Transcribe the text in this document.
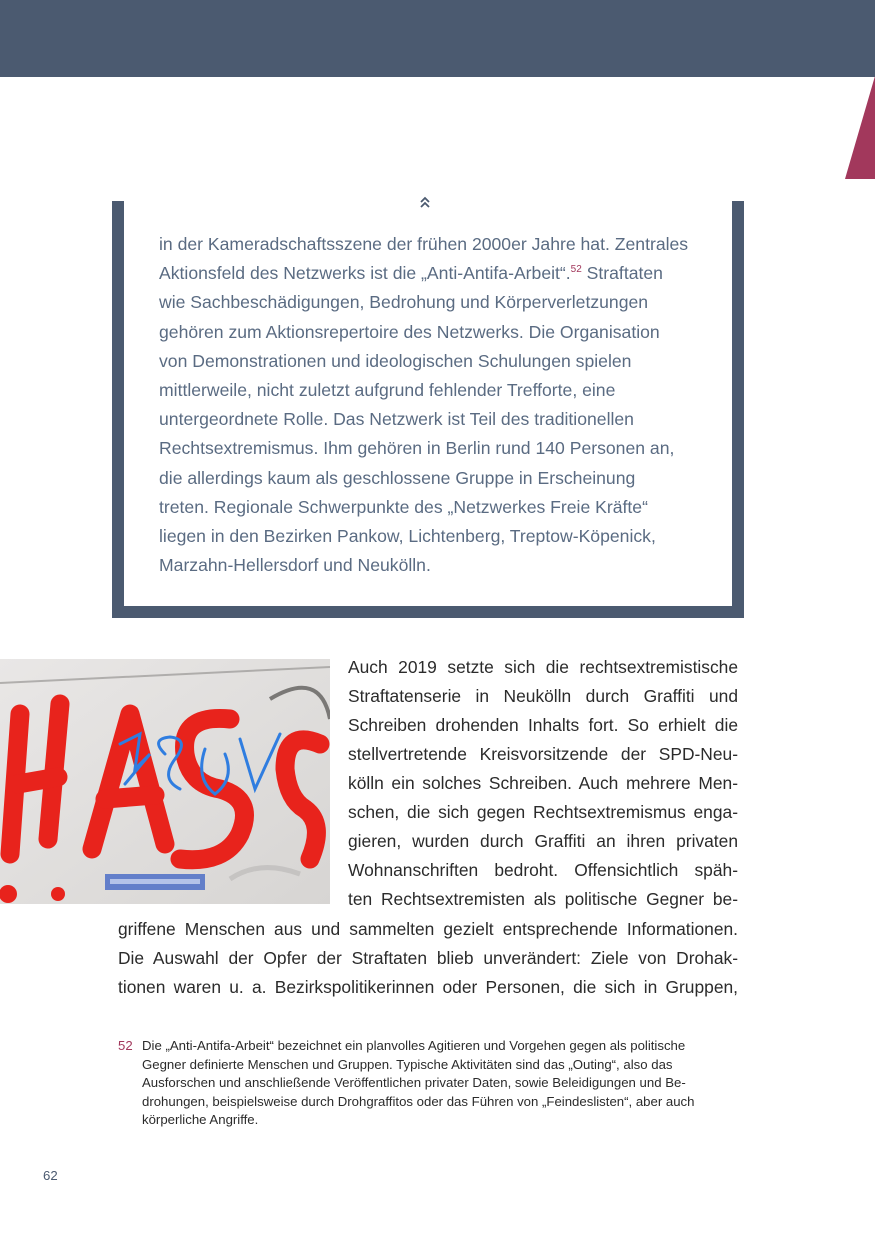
in der Kameradschaftsszene der frühen 2000er Jahre hat. Zentrales
Aktionsfeld des Netzwerks ist die „Anti-Antifa-Arbeit“.$^{52}$ Straftaten
wie Sachbeschädigungen, Bedrohung und Körperverletzungen
gehören zum Aktionsrepertoire des Netzwerks. Die Organisation
von Demonstrationen und ideologischen Schulungen spielen
mittlerweile, nicht zuletzt aufgrund fehlender Trefforte, eine
untergeordnete Rolle. Das Netzwerk ist Teil des traditionellen
Rechtsextremismus. Ihm gehören in Berlin rund 140 Personen an,
die allerdings kaum als geschlossene Gruppe in Erscheinung
treten. Regionale Schwerpunkte des „Netzwerkes Freie Kräfte“
liegen in den Bezirken Pankow, Lichtenberg, Treptow-Köpenick,
Marzahn-Hellersdorf und Neukölln.
Auch 2019 setzte sich die rechtsextremistische
Straftatenserie in Neukölln durch Graffiti und
Schreiben drohenden Inhalts fort. So erhielt die
stellvertretende Kreisvorsitzende der SPD-Neu-
kölln ein solches Schreiben. Auch mehrere Men-
schen, die sich gegen Rechtsextremismus enga-
gieren, wurden durch Graffiti an ihren privaten
Wohnanschriften bedroht. Offensichtlich späh-
ten Rechtsextremisten als politische Gegner be-
griffene Menschen aus und sammelten gezielt entsprechende Informationen.
Die Auswahl der Opfer der Straftaten blieb unverändert: Ziele von Drohak-
tionen waren u. a. Bezirkspolitikerinnen oder Personen, die sich in Gruppen,
52 Die „Anti-Antifa-Arbeit“ bezeichnet ein planvolles Agitieren und Vorgehen gegen als politische
Gegner definierte Menschen und Gruppen. Typische Aktivitäten sind das „Outing“, also das
Ausforschen und anschließende Veröffentlichen privater Daten, sowie Beleidigungen und Be-
drohungen, beispielsweise durch Drohgraffitos oder das Führen von „Feindeslisten“, aber auch
körperliche Angriffe.
62
